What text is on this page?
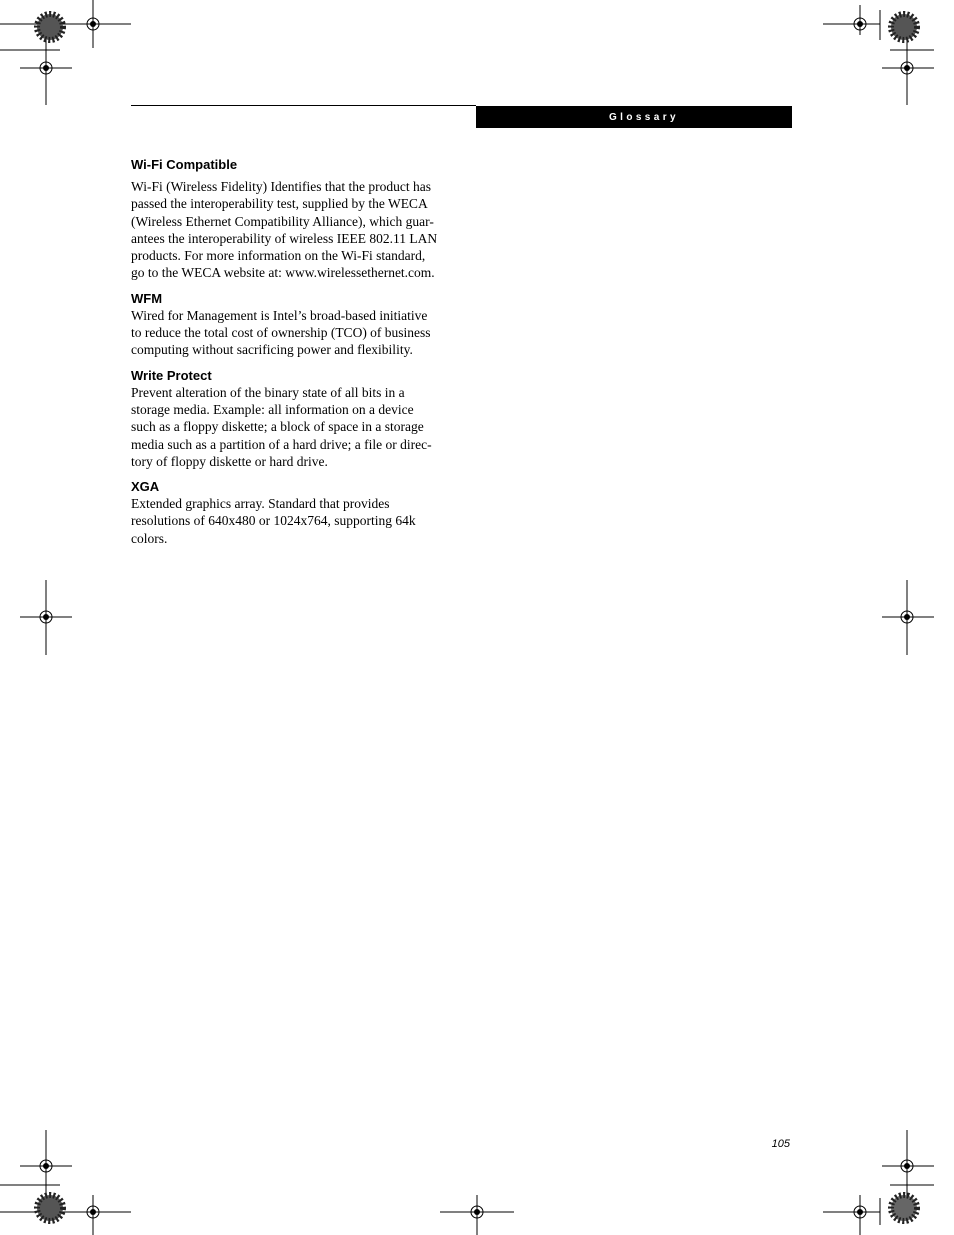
Glossary

Wi-Fi Compatible

Wi-Fi (Wireless Fidelity) Identifies that the product has
passed the interoperability test, supplied by the WECA
(Wireless Ethernet Compatibility Alliance), which guar-
antees the interoperability of wireless IEEE 802.11 LAN
products. For more information on the Wi-Fi standard,
go to the WECA website at: www.wirelessethernet.com.

WFM

Wired for Management is Intel’s broad-based initiative
to reduce the total cost of ownership (TCO) of business
computing without sacrificing power and flexibility.

Write Protect

Prevent alteration of the binary state of all bits in a
storage media. Example: all information on a device
such as a floppy diskette; a block of space in a storage
media such as a partition of a hard drive; a file or direc-
tory of floppy diskette or hard drive.

XGA

Extended graphics array. Standard that provides
resolutions of 640x480 or 1024x764, supporting 64k
colors.

105
